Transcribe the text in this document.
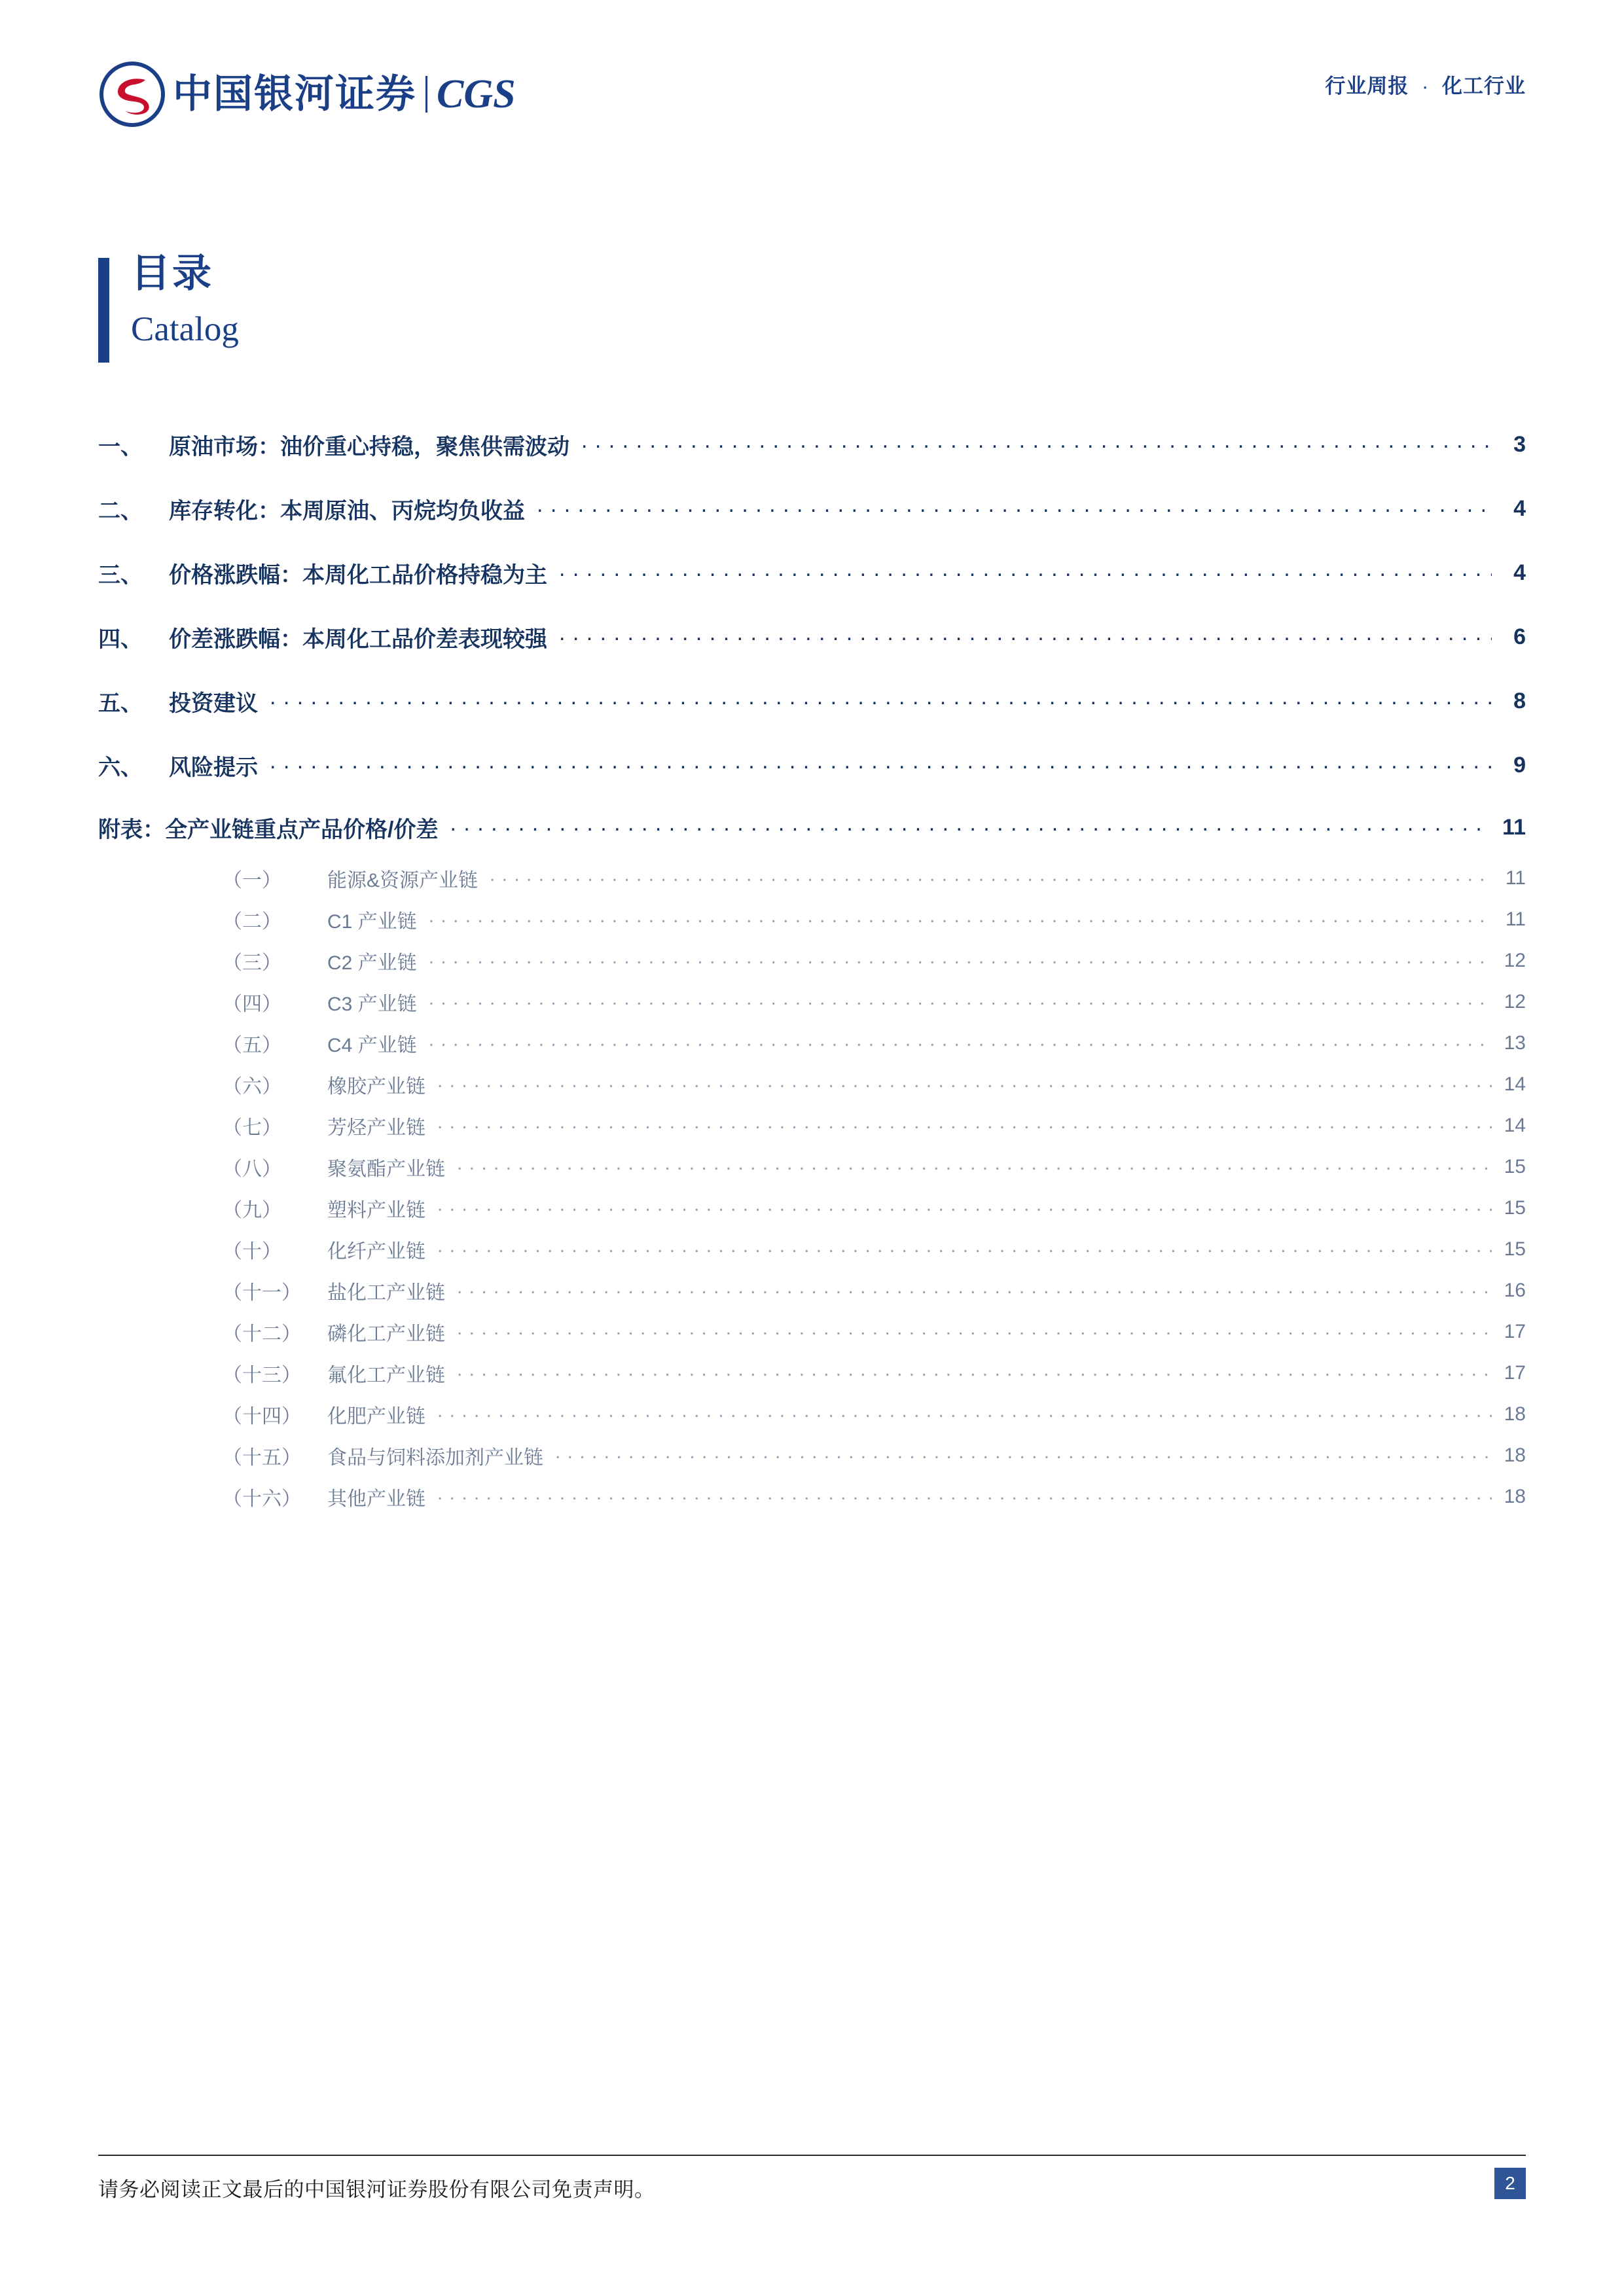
中国银河证券 CGS	行业周报 · 化工行业
目录
Catalog
一、	原油市场：油价重心持稳，聚焦供需波动 . . .	3
二、	库存转化：本周原油、丙烷均负收益 . . .	4
三、	价格涨跌幅：本周化工品价格持稳为主 . . .	4
四、	价差涨跌幅：本周化工品价差表现较强 . . .	6
五、	投资建议 . . .	8
六、	风险提示 . . .	9
附表：全产业链重点产品价格/价差 . . .	11
（一）	能源&资源产业链 . . .	11
（二）	C1 产业链 . . .	11
（三）	C2 产业链 . . .	12
（四）	C3 产业链 . . .	12
（五）	C4 产业链 . . .	13
（六）	橡胶产业链 . . .	14
（七）	芳烃产业链 . . .	14
（八）	聚氨酯产业链 . . .	15
（九）	塑料产业链 . . .	15
（十）	化纤产业链 . . .	15
（十一）	盐化工产业链 . . .	16
（十二）	磷化工产业链 . . .	17
（十三）	氟化工产业链 . . .	17
（十四）	化肥产业链 . . .	18
（十五）	食品与饲料添加剂产业链 . . .	18
（十六）	其他产业链 . . .	18
请务必阅读正文最后的中国银河证券股份有限公司免责声明。	2
